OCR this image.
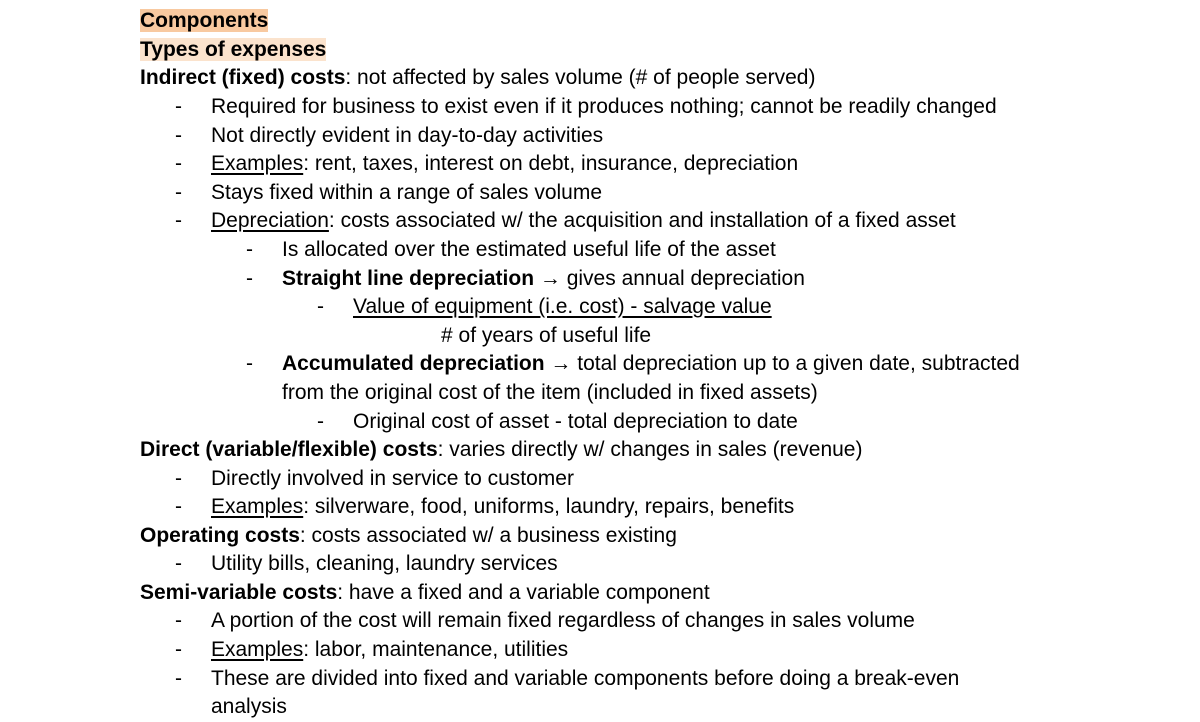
Components
Types of expenses
Indirect (fixed) costs: not affected by sales volume (# of people served)
- Required for business to exist even if it produces nothing; cannot be readily changed
- Not directly evident in day-to-day activities
- Examples: rent, taxes, interest on debt, insurance, depreciation
- Stays fixed within a range of sales volume
- Depreciation: costs associated w/ the acquisition and installation of a fixed asset
- Is allocated over the estimated useful life of the asset
- Straight line depreciation → gives annual depreciation
- Value of equipment (i.e. cost) - salvage value
# of years of useful life
- Accumulated depreciation → total depreciation up to a given date, subtracted
from the original cost of the item (included in fixed assets)
- Original cost of asset - total depreciation to date
Direct (variable/flexible) costs: varies directly w/ changes in sales (revenue)
- Directly involved in service to customer
- Examples: silverware, food, uniforms, laundry, repairs, benefits
Operating costs: costs associated w/ a business existing
- Utility bills, cleaning, laundry services
Semi-variable costs: have a fixed and a variable component
- A portion of the cost will remain fixed regardless of changes in sales volume
- Examples: labor, maintenance, utilities
- These are divided into fixed and variable components before doing a break-even
analysis
